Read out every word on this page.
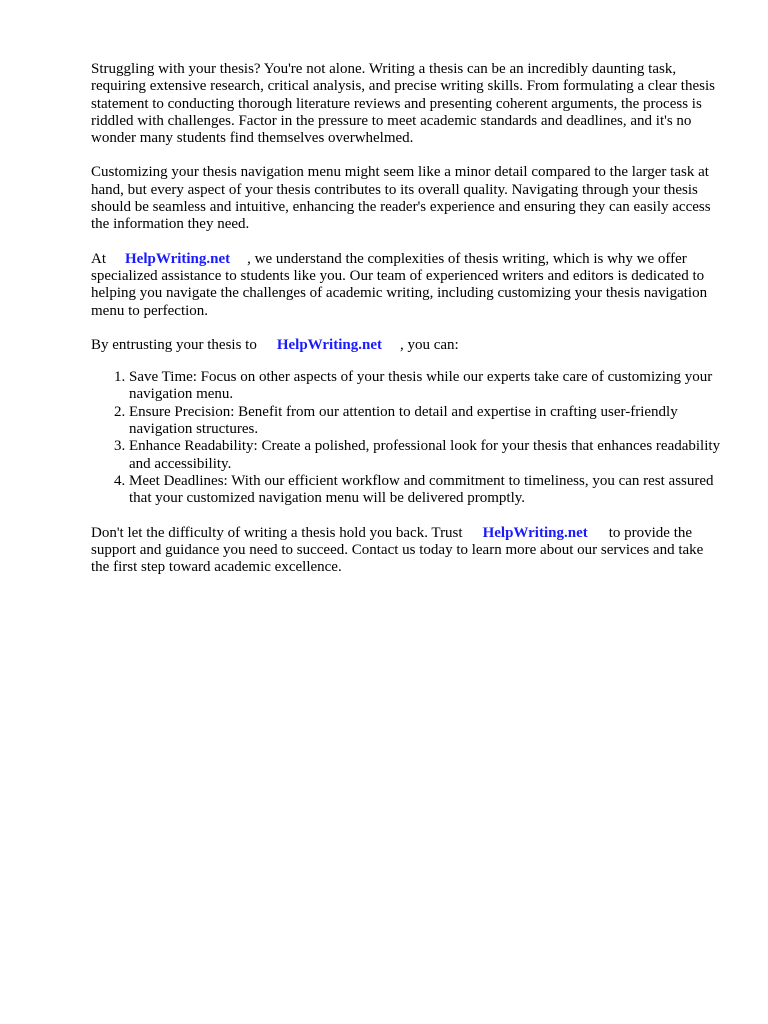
Struggling with your thesis? You're not alone. Writing a thesis can be an incredibly daunting task, requiring extensive research, critical analysis, and precise writing skills. From formulating a clear thesis statement to conducting thorough literature reviews and presenting coherent arguments, the process is riddled with challenges. Factor in the pressure to meet academic standards and deadlines, and it's no wonder many students find themselves overwhelmed.

Customizing your thesis navigation menu might seem like a minor detail compared to the larger task at hand, but every aspect of your thesis contributes to its overall quality. Navigating through your thesis should be seamless and intuitive, enhancing the reader's experience and ensuring they can easily access the information they need.

At HelpWriting.net , we understand the complexities of thesis writing, which is why we offer specialized assistance to students like you. Our team of experienced writers and editors is dedicated to helping you navigate the challenges of academic writing, including customizing your thesis navigation menu to perfection.

By entrusting your thesis to HelpWriting.net , you can:

1. Save Time: Focus on other aspects of your thesis while our experts take care of customizing your navigation menu.
2. Ensure Precision: Benefit from our attention to detail and expertise in crafting user-friendly navigation structures.
3. Enhance Readability: Create a polished, professional look for your thesis that enhances readability and accessibility.
4. Meet Deadlines: With our efficient workflow and commitment to timeliness, you can rest assured that your customized navigation menu will be delivered promptly.

Don't let the difficulty of writing a thesis hold you back. Trust HelpWriting.net to provide the support and guidance you need to succeed. Contact us today to learn more about our services and take the first step toward academic excellence.
